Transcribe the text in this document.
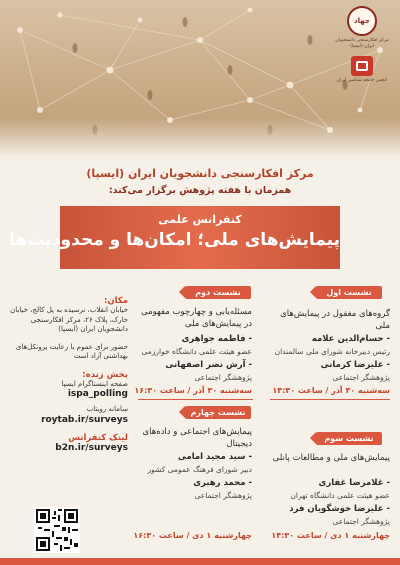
جهاد
مرکز افکارسنجی دانشجویان ایران (ایسپا)
انجمن جامعه شناسی ایران
مرکز افکارسنجی دانشجویان ایران (ایسپا)
همزمان با هفته پژوهش برگزار می‌کند:
کنفرانس علمی
پیمایش‌های ملی؛ امکان‌ها و محدودیت‌ها
نشست اول
گروه‌های مغفول در پیمایش‌های ملی
- حسام‌الدین علامه
رئیس دبیرخانه شورای ملی سالمندان
- علیرضا کرمانی
پژوهشگر اجتماعی
سه‌شنبه ۳۰ آذر / ساعت ۱۴:۳۰
نشست دوم
مسئله‌یابی و چهارچوب مفهومی در پیمایش‌های ملی
- فاطمه جواهری
عضو هیئت علمی دانشگاه خوارزمی
- آرش نصر اصفهانی
پژوهشگر اجتماعی
سه‌شنبه ۳۰ آذر / ساعت ۱۶:۳۰
نشست سوم
پیمایش‌های ملی و مطالعات پانلی
- غلامرضا غفاری
عضو هیئت علمی دانشگاه تهران
- علیرضا خوشگویان فرد
پژوهشگر اجتماعی
چهارشنبه ۱ دی / ساعت ۱۴:۳۰
نشست چهارم
پیمایش‌های اجتماعی و داده‌های دیجیتال
- سید مجید امامی
دبیر شورای فرهنگ عمومی کشور
- محمد رهبری
پژوهشگر اجتماعی
چهارشنبه ۱ دی / ساعت ۱۶:۳۰
مکان:
خیابان انقلاب، نرسیده به پل کالج، خیابان خارک، پلاک ۲۶، مرکز افکارسنجی دانشجویان ایران (ایسپا)
حضور برای عموم با رعایت پروتکل‌های بهداشتی آزاد است
پخش زنده:
صفحه اینستاگرام ایسپا
ispa_polling
سامانه رویتاب
roytab.ir/surveys
لینک کنفرانس
b2n.ir/surveys
